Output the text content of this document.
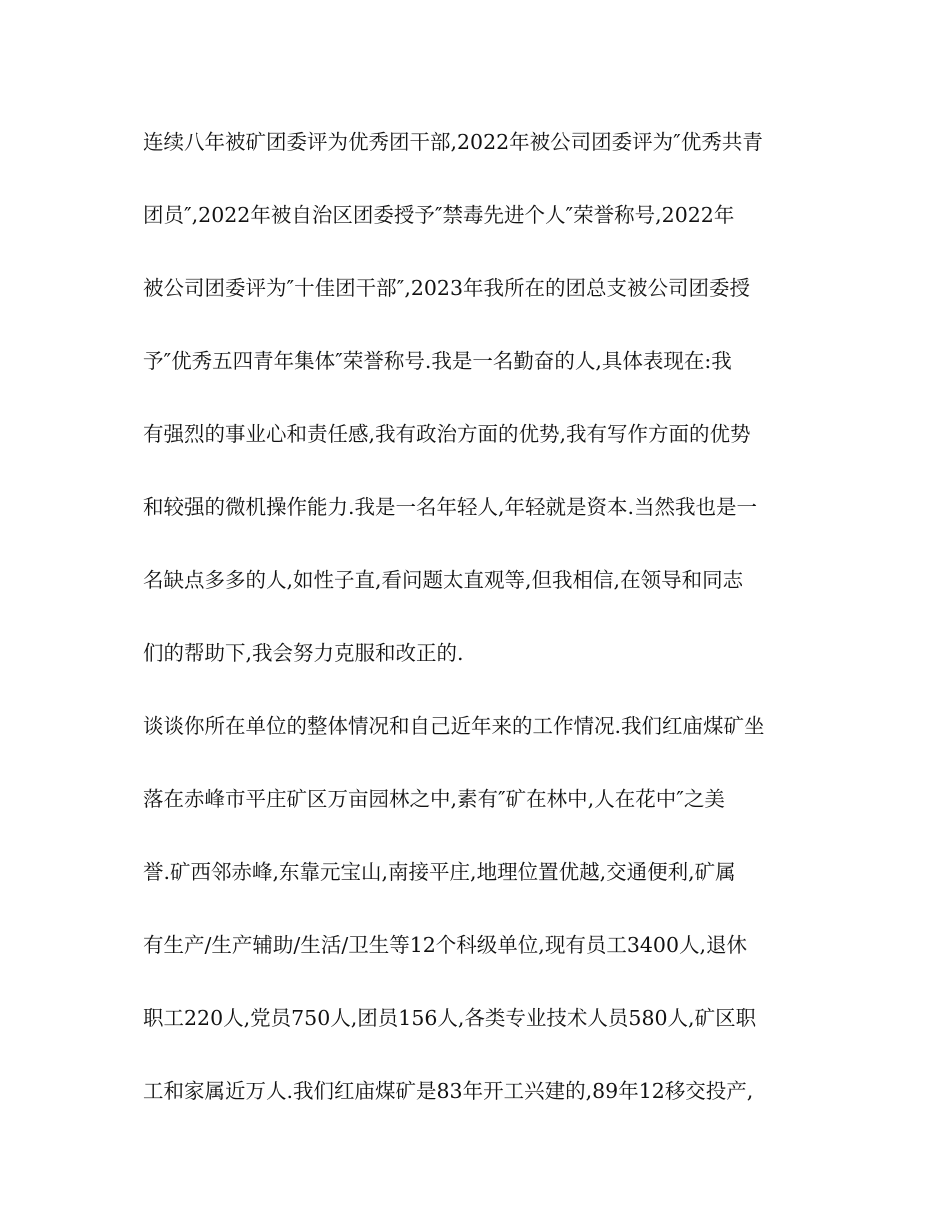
连续八年被矿团委评为优秀团干部,2022年被公司团委评为″优秀共青
团员″,2022年被自治区团委授予″禁毒先进个人″荣誉称号,2022年
被公司团委评为″十佳团干部″,2023年我所在的团总支被公司团委授
予″优秀五四青年集体″荣誉称号.我是一名勤奋的人,具体表现在:我
有强烈的事业心和责任感,我有政治方面的优势,我有写作方面的优势
和较强的微机操作能力.我是一名年轻人,年轻就是资本.当然我也是一
名缺点多多的人,如性子直,看问题太直观等,但我相信,在领导和同志
们的帮助下,我会努力克服和改正的.
谈谈你所在单位的整体情况和自己近年来的工作情况.我们红庙煤矿坐
落在赤峰市平庄矿区万亩园林之中,素有″矿在林中,人在花中″之美
誉.矿西邻赤峰,东靠元宝山,南接平庄,地理位置优越,交通便利,矿属
有生产/生产辅助/生活/卫生等12个科级单位,现有员工3400人,退休
职工220人,党员750人,团员156人,各类专业技术人员580人,矿区职
工和家属近万人.我们红庙煤矿是83年开工兴建的,89年12移交投产,
